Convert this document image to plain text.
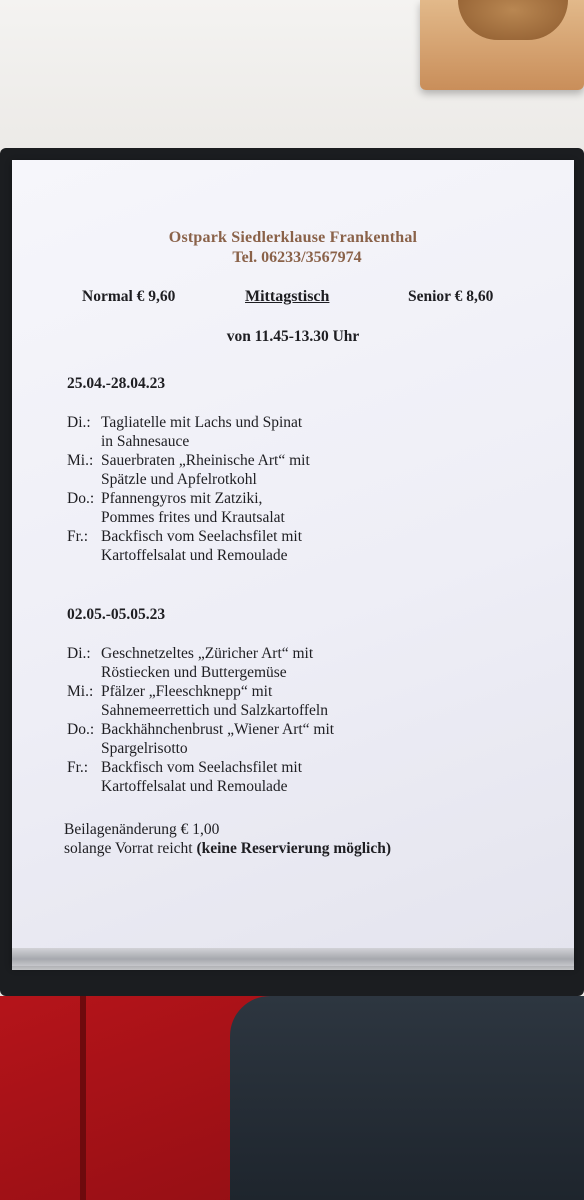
Ostpark Siedlerklause Frankenthal
Tel. 06233/3567974
Normal € 9,60	Mittagstisch	Senior € 8,60
von 11.45-13.30 Uhr
25.04.-28.04.23
Di.: Tagliatelle mit Lachs und Spinat
in Sahnesauce
Mi.: Sauerbraten „Rheinische Art“ mit
Spätzle und Apfelrotkohl
Do.: Pfannengyros mit Zatziki,
Pommes frites und Krautsalat
Fr.: Backfisch vom Seelachsfilet mit
Kartoffelsalat und Remoulade
02.05.-05.05.23
Di.: Geschnetzeltes „Züricher Art“ mit
Röstiecken und Buttergemüse
Mi.: Pfälzer „Fleeschknepp“ mit
Sahnemeerrettich und Salzkartoffeln
Do.: Backhähnchenbrust „Wiener Art“ mit
Spargelrisotto
Fr.: Backfisch vom Seelachsfilet mit
Kartoffelsalat und Remoulade
Beilagenänderung € 1,00
solange Vorrat reicht (keine Reservierung möglich)
